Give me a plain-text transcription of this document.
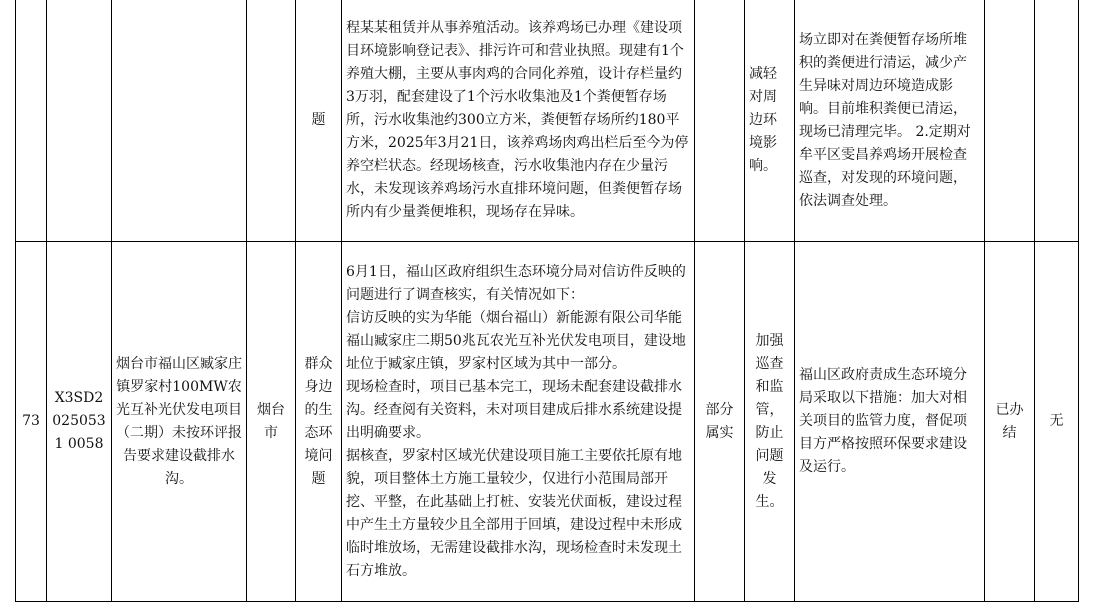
				题	程某某租赁并从事养殖活动。该养鸡场已办理《建设项目环境影响登记表》、排污许可和营业执照。现建有1个养殖大棚，主要从事肉鸡的合同化养殖，设计存栏量约3万羽，配套建设了1个污水收集池及1个粪便暂存场所，污水收集池约300立方米，粪便暂存场所约180平方米，2025年3月21日，该养鸡场肉鸡出栏后至今为停养空栏状态。经现场核查，污水收集池内存在少量污水，未发现该养鸡场污水直排环境问题，但粪便暂存场所内有少量粪便堆积，现场存在异味。		减轻对周边环境影响。	场立即对在粪便暂存场所堆积的粪便进行清运，减少产生异味对周边环境造成影响。目前堆积粪便已清运，现场已清理完毕。 2.定期对牟平区雯昌养鸡场开展检查巡查，对发现的环境问题，依法调查处理。		
73	X3SD20250531 0058	烟台市福山区臧家庄镇罗家村100MW农光互补光伏发电项目（二期）未按环评报告要求建设截排水沟。	烟台市	群众身边的生态环境问题	6月1日，福山区政府组织生态环境分局对信访件反映的问题进行了调查核实，有关情况如下：
信访反映的实为华能（烟台福山）新能源有限公司华能福山臧家庄二期50兆瓦农光互补光伏发电项目，建设地址位于臧家庄镇，罗家村区域为其中一部分。
现场检查时，项目已基本完工，现场未配套建设截排水沟。经查阅有关资料，未对项目建成后排水系统建设提出明确要求。
据核查，罗家村区域光伏建设项目施工主要依托原有地貌，项目整体土方施工量较少，仅进行小范围局部开挖、平整，在此基础上打桩、安装光伏面板，建设过程中产生土方量较少且全部用于回填，建设过程中未形成临时堆放场，无需建设截排水沟，现场检查时未发现土石方堆放。	部分属实	加强巡查和监管，防止问题发生。	福山区政府责成生态环境分局采取以下措施：加大对相关项目的监管力度，督促项目方严格按照环保要求建设及运行。	已办结	无
